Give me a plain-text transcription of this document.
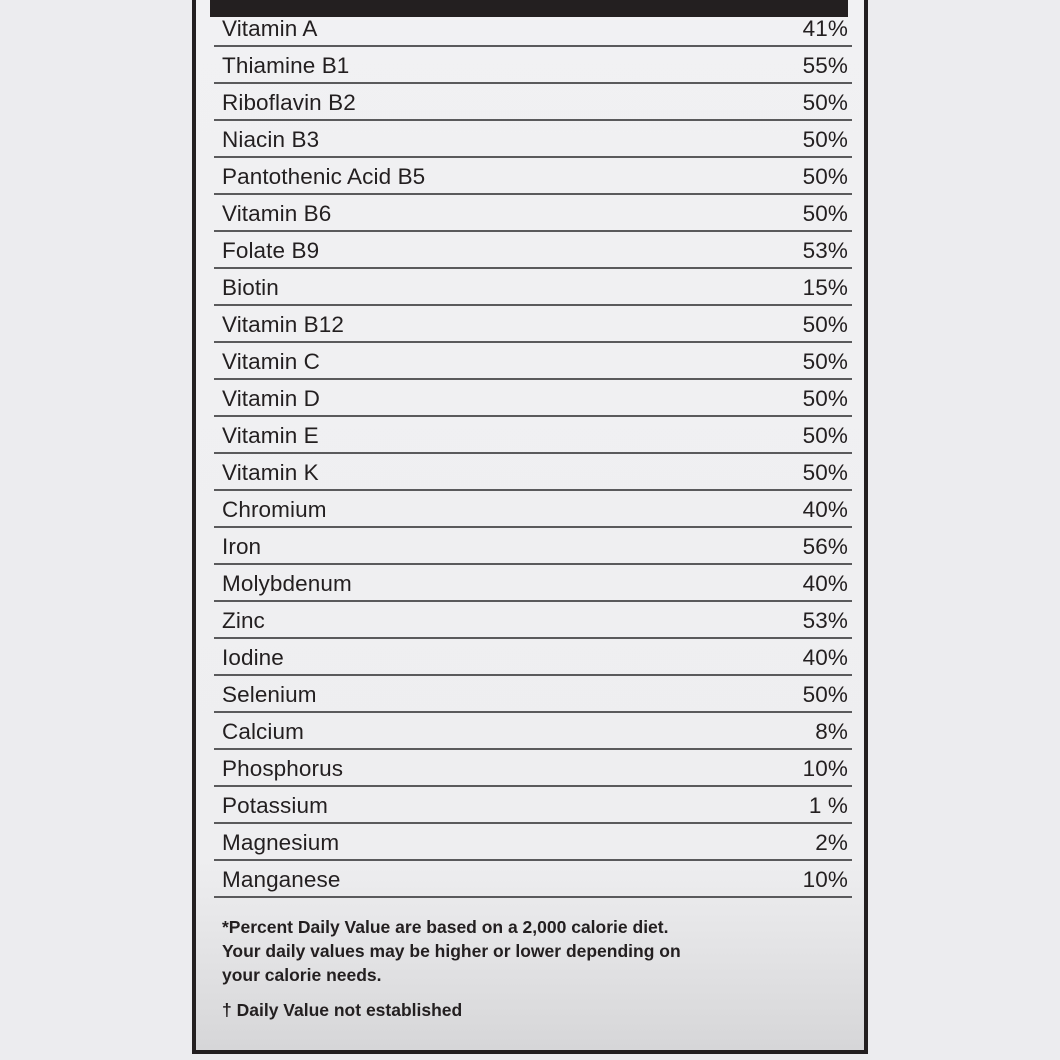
Vitamin A	41%
Thiamine B1	55%
Riboflavin B2	50%
Niacin B3	50%
Pantothenic Acid B5	50%
Vitamin B6	50%
Folate B9	53%
Biotin	15%
Vitamin B12	50%
Vitamin C	50%
Vitamin D	50%
Vitamin E	50%
Vitamin K	50%
Chromium	40%
Iron	56%
Molybdenum	40%
Zinc	53%
Iodine	40%
Selenium	50%
Calcium	8%
Phosphorus	10%
Potassium	1 %
Magnesium	2%
Manganese	10%

*Percent Daily Value are based on a 2,000 calorie diet.

Your daily values may be higher or lower depending on

your calorie needs.

† Daily Value not established
